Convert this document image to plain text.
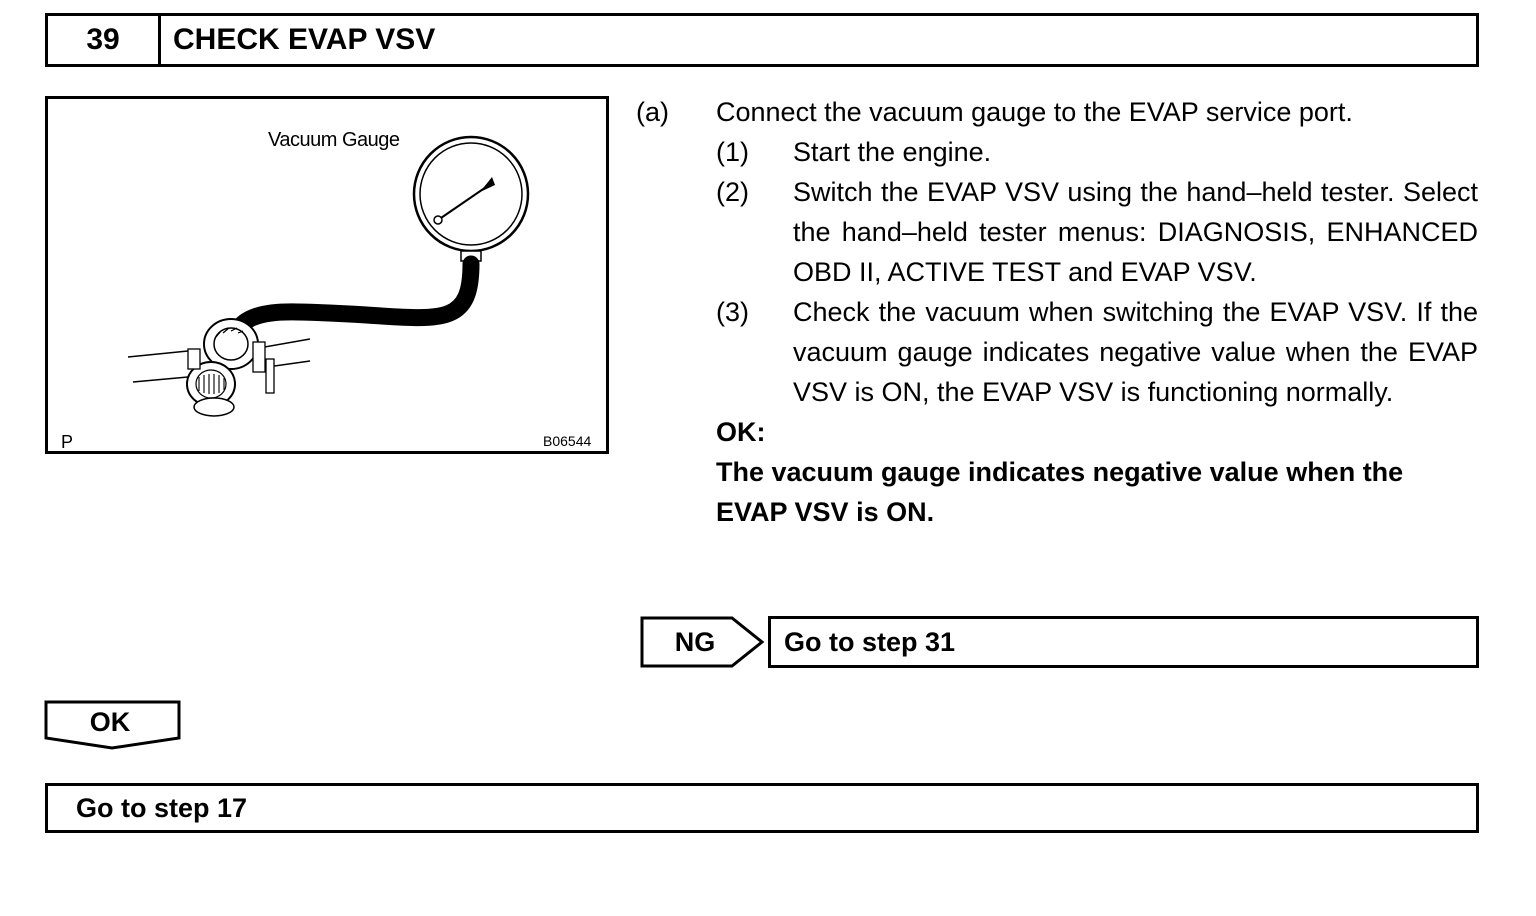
39	CHECK EVAP VSV
Vacuum Gauge
P	B06544
(a)	Connect the vacuum gauge to the EVAP service port.
(1)	Start the engine.
(2)	Switch the EVAP VSV using the hand–held tester. Select the hand–held tester menus: DIAGNOSIS, ENHANCED OBD II, ACTIVE TEST and EVAP VSV.
(3)	Check the vacuum when switching the EVAP VSV. If the vacuum gauge indicates negative value when the EVAP VSV is ON, the EVAP VSV is functioning normally.
OK:
The vacuum gauge indicates negative value when the EVAP VSV is ON.
NG	Go to step 31
OK
Go to step 17
